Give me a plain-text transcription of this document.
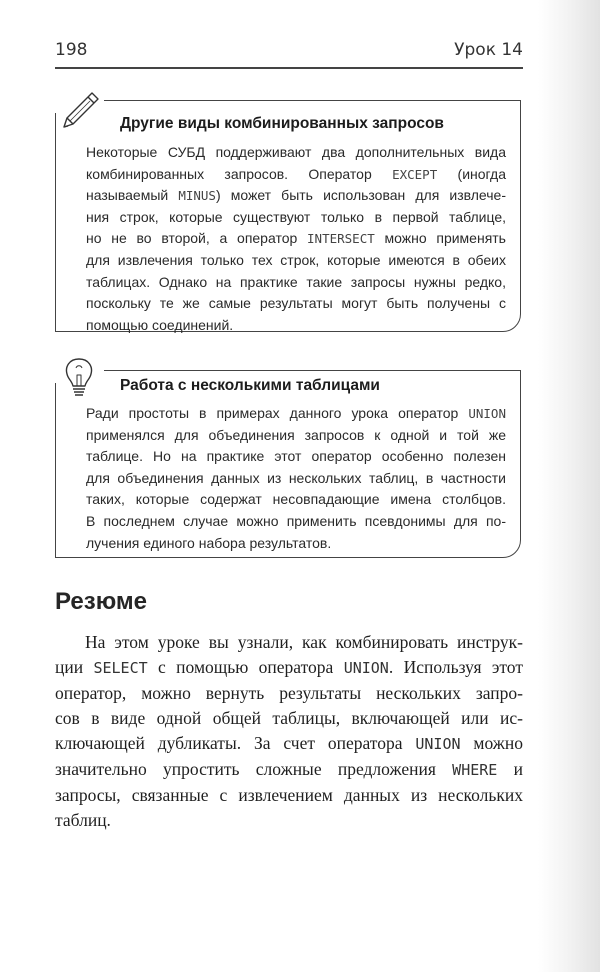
198	Урок 14
Другие виды комбинированных запросов
Некоторые СУБД поддерживают два дополнительных вида
комбинированных запросов. Оператор EXCEPT (иногда
называемый MINUS) может быть использован для извлече-
ния строк, которые существуют только в первой таблице,
но не во второй, а оператор INTERSECT можно применять
для извлечения только тех строк, которые имеются в обеих
таблицах. Однако на практике такие запросы нужны редко,
поскольку те же самые результаты могут быть получены с
помощью соединений.
Работа с несколькими таблицами
Ради простоты в примерах данного урока оператор UNION
применялся для объединения запросов к одной и той же
таблице. Но на практике этот оператор особенно полезен
для объединения данных из нескольких таблиц, в частности
таких, которые содержат несовпадающие имена столбцов.
В последнем случае можно применить псевдонимы для по-
лучения единого набора результатов.
Резюме
На этом уроке вы узнали, как комбинировать инструк-
ции SELECT с помощью оператора UNION. Используя этот
оператор, можно вернуть результаты нескольких запро-
сов в виде одной общей таблицы, включающей или ис-
ключающей дубликаты. За счет оператора UNION можно
значительно упростить сложные предложения WHERE и
запросы, связанные с извлечением данных из нескольких
таблиц.
